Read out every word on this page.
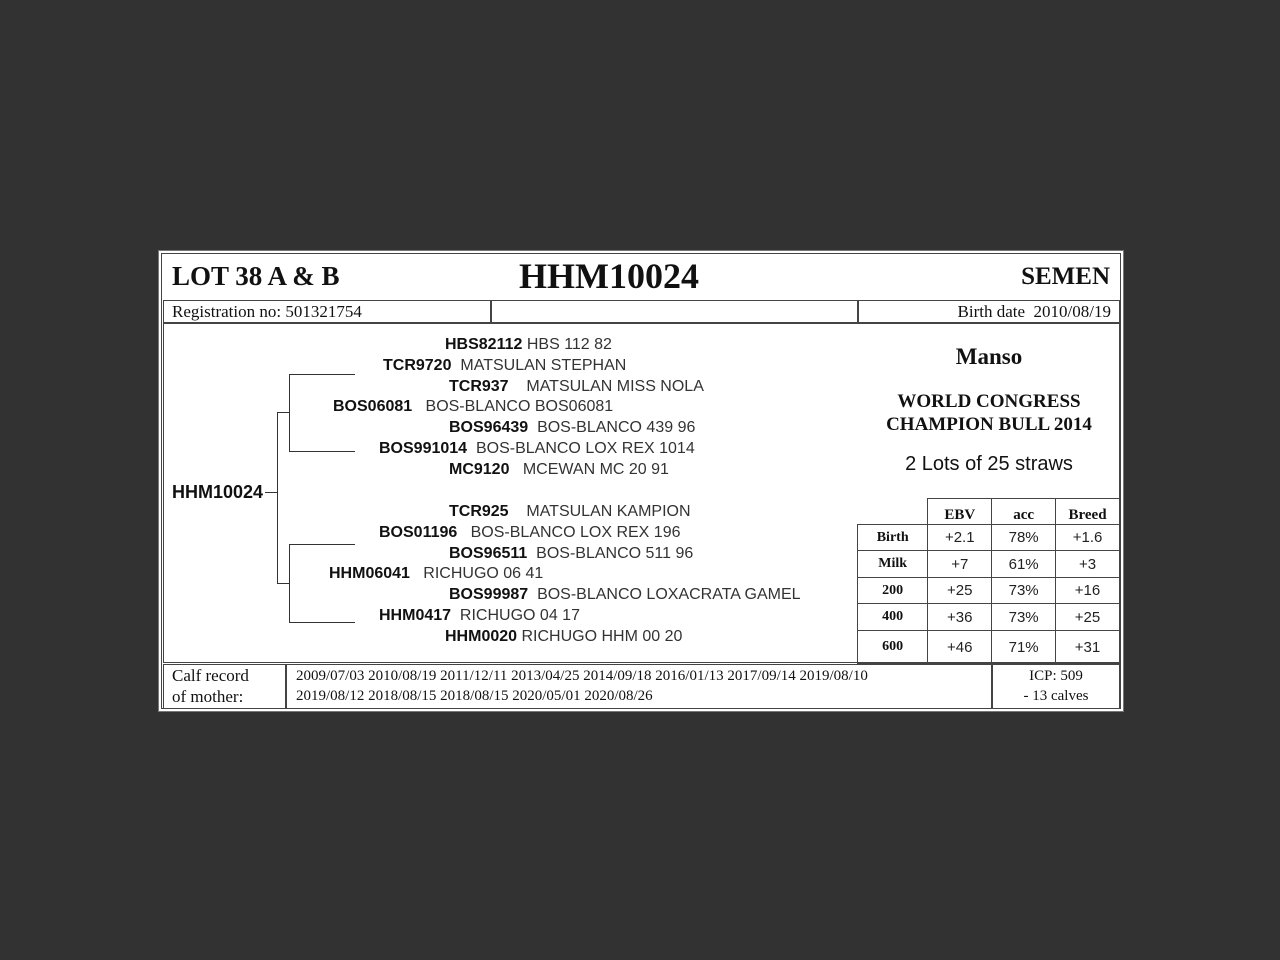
LOT 38 A & B	HHM10024	SEMEN
Registration no: 501321754	Birth date 2010/08/19
HHM10024
HBS82112 HBS 112 82
TCR9720 MATSULAN STEPHAN
TCR937 MATSULAN MISS NOLA
BOS06081 BOS-BLANCO BOS06081
BOS96439 BOS-BLANCO 439 96
BOS991014 BOS-BLANCO LOX REX 1014
MC9120 MCEWAN MC 20 91
TCR925 MATSULAN KAMPION
BOS01196 BOS-BLANCO LOX REX 196
BOS96511 BOS-BLANCO 511 96
HHM06041 RICHUGO 06 41
BOS99987 BOS-BLANCO LOXACRATA GAMEL
HHM0417 RICHUGO 04 17
HHM0020 RICHUGO HHM 00 20
Manso
WORLD CONGRESS
CHAMPION BULL 2014
2 Lots of 25 straws
	EBV	acc	Breed
Birth	+2.1	78%	+1.6
Milk	+7	61%	+3
200	+25	73%	+16
400	+36	73%	+25
600	+46	71%	+31
Calf record
of mother:
2009/07/03 2010/08/19 2011/12/11 2013/04/25 2014/09/18 2016/01/13 2017/09/14 2019/08/10
2019/08/12 2018/08/15 2018/08/15 2020/05/01 2020/08/26
ICP: 509
- 13 calves
